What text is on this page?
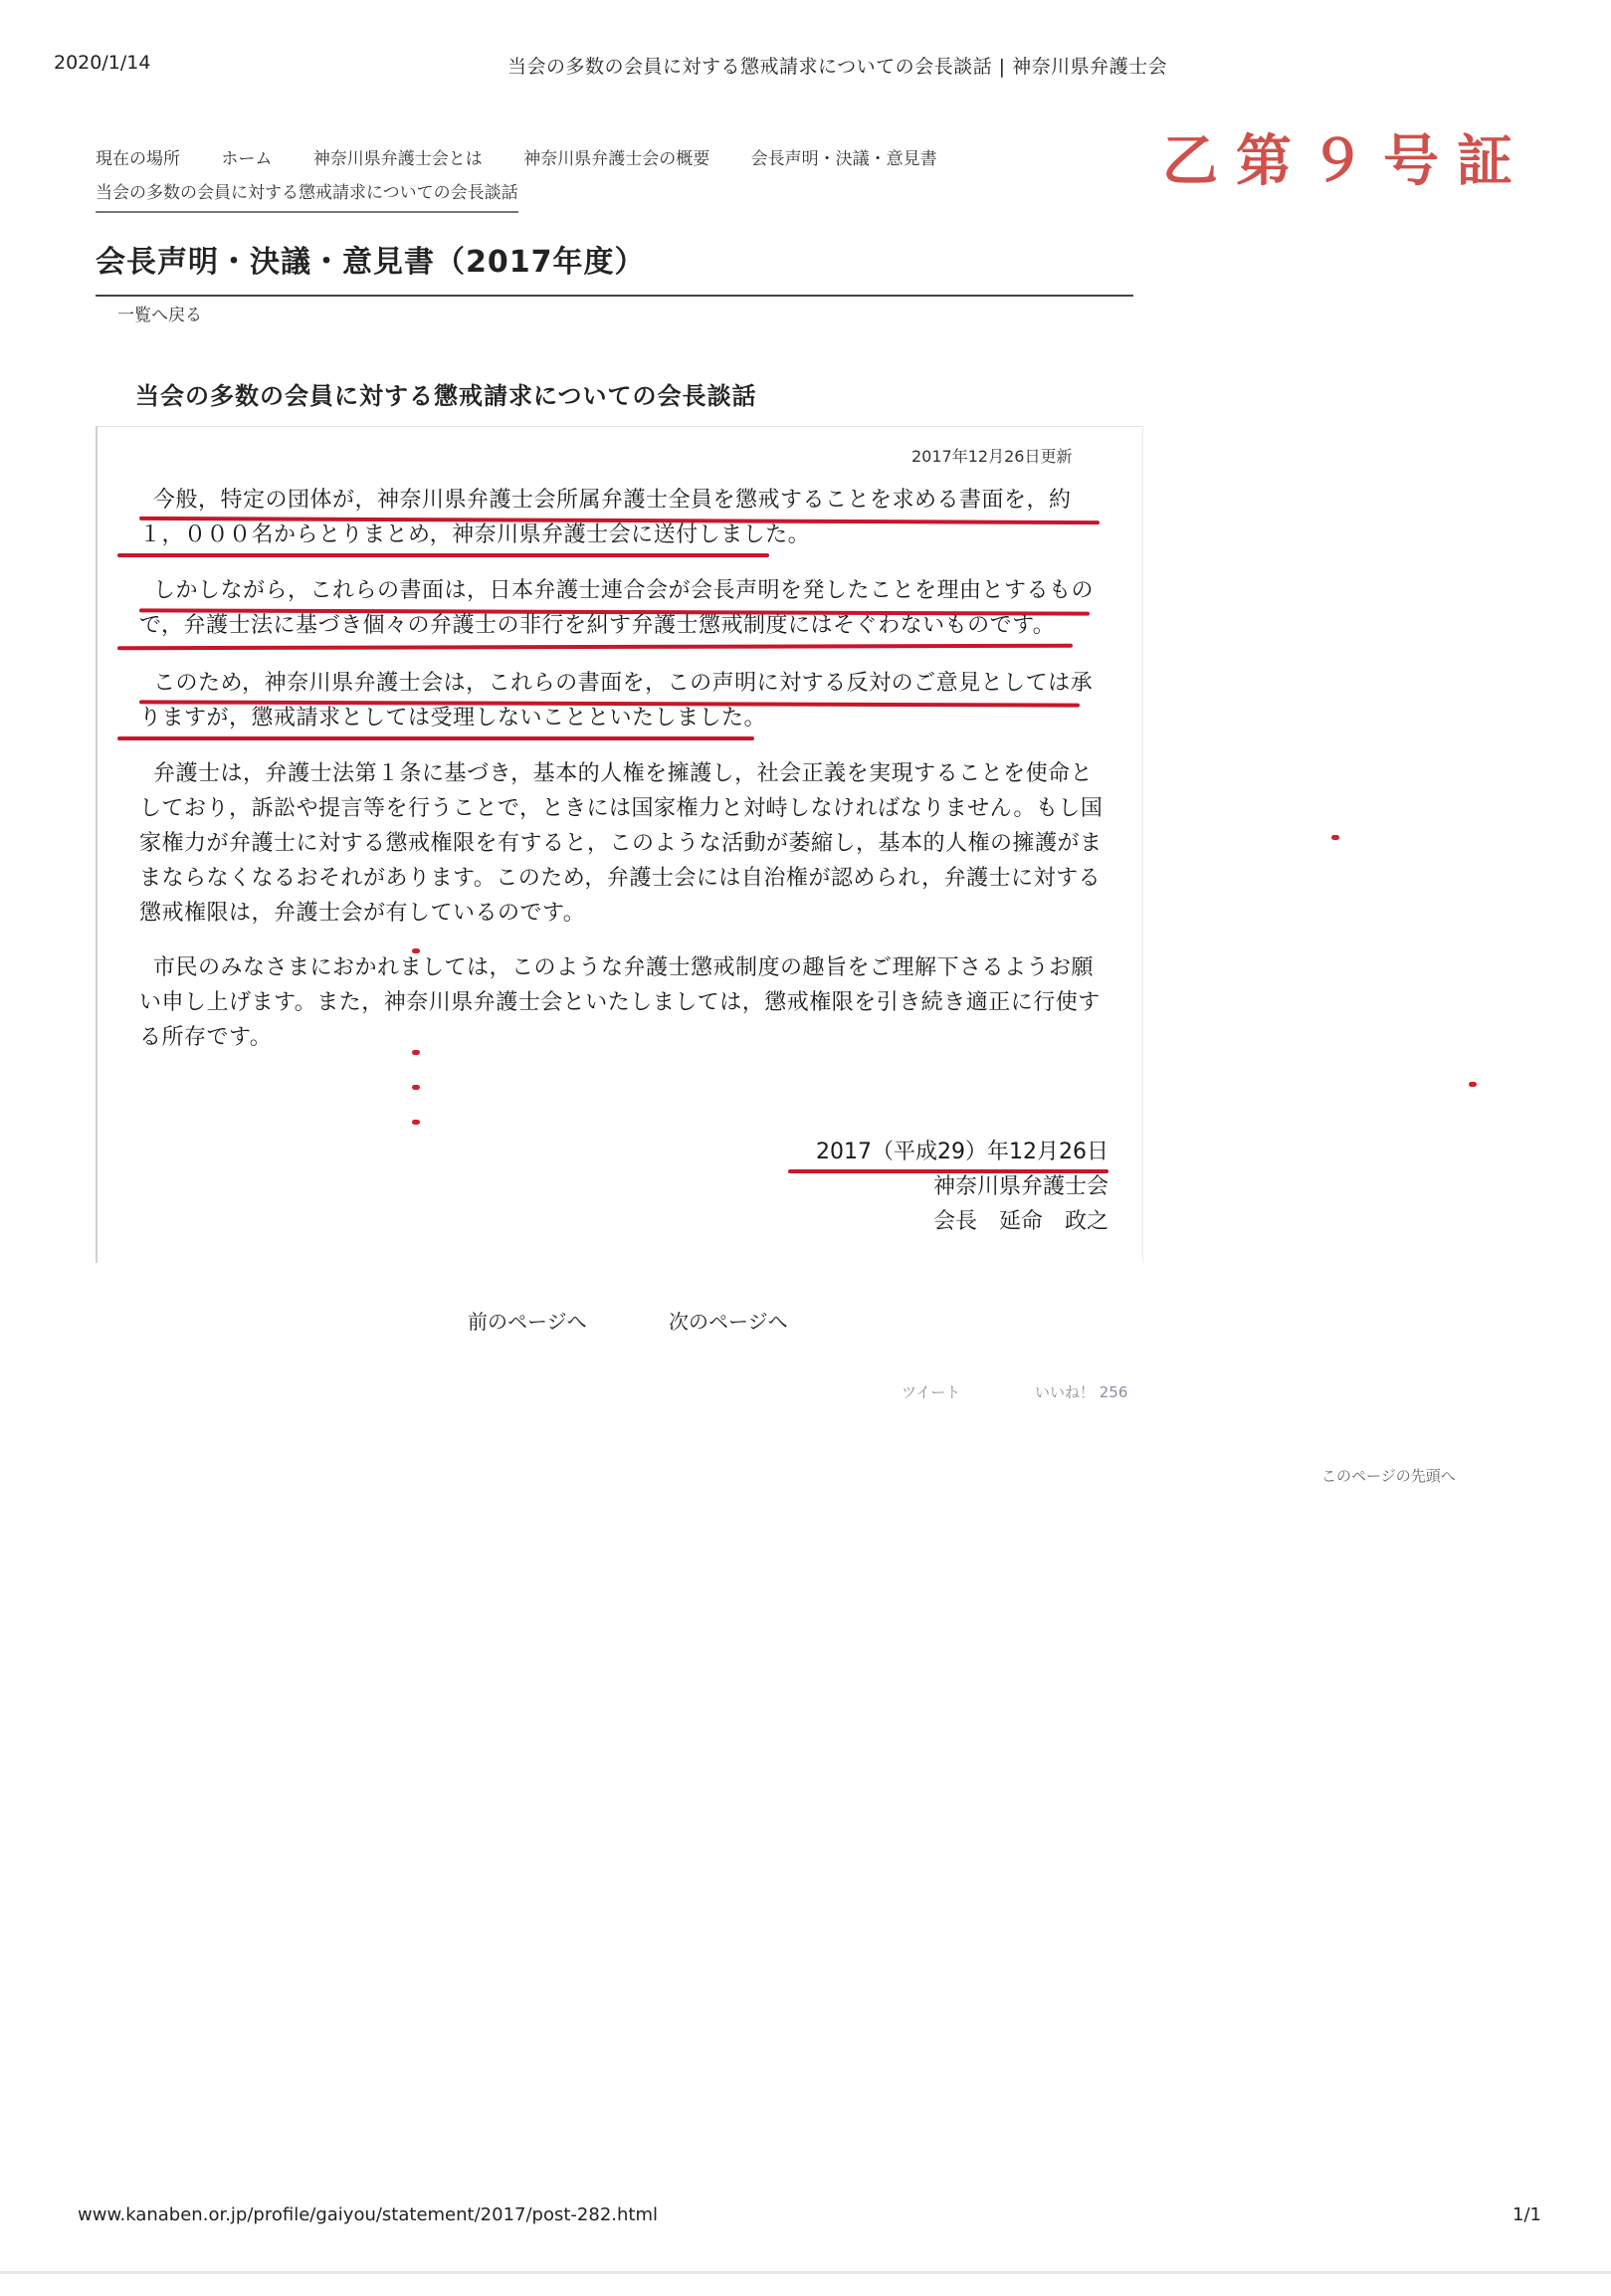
2020/1/14	当会の多数の会員に対する懲戒請求についての会長談話 | 神奈川県弁護士会
乙第９号証
現在の場所 ホーム 神奈川県弁護士会とは 神奈川県弁護士会の概要 会長声明・決議・意見書
当会の多数の会員に対する懲戒請求についての会長談話
会長声明・決議・意見書（2017年度）
一覧へ戻る
当会の多数の会員に対する懲戒請求についての会長談話
2017年12月26日更新

今般，特定の団体が，神奈川県弁護士会所属弁護士全員を懲戒することを求める書面を，約１，０００名からとりまとめ，神奈川県弁護士会に送付しました。

しかしながら，これらの書面は，日本弁護士連合会が会長声明を発したことを理由とするもので，弁護士法に基づき個々の弁護士の非行を糾す弁護士懲戒制度にはそぐわないものです。

このため，神奈川県弁護士会は，これらの書面を，この声明に対する反対のご意見としては承りますが，懲戒請求としては受理しないことといたしました。

弁護士は，弁護士法第１条に基づき，基本的人権を擁護し，社会正義を実現することを使命としており，訴訟や提言等を行うことで，ときには国家権力と対峙しなければなりません。もし国家権力が弁護士に対する懲戒権限を有すると，このような活動が萎縮し，基本的人権の擁護がままならなくなるおそれがあります。このため，弁護士会には自治権が認められ，弁護士に対する懲戒権限は，弁護士会が有しているのです。

市民のみなさまにおかれましては，このような弁護士懲戒制度の趣旨をご理解下さるようお願い申し上げます。また，神奈川県弁護士会といたしましては，懲戒権限を引き続き適正に行使する所存です。

2017（平成29）年12月26日
神奈川県弁護士会
会長　延命　政之
前のページへ	次のページへ
ツイート	いいね！ 256
このページの先頭へ
www.kanaben.or.jp/profile/gaiyou/statement/2017/post-282.html	1/1
